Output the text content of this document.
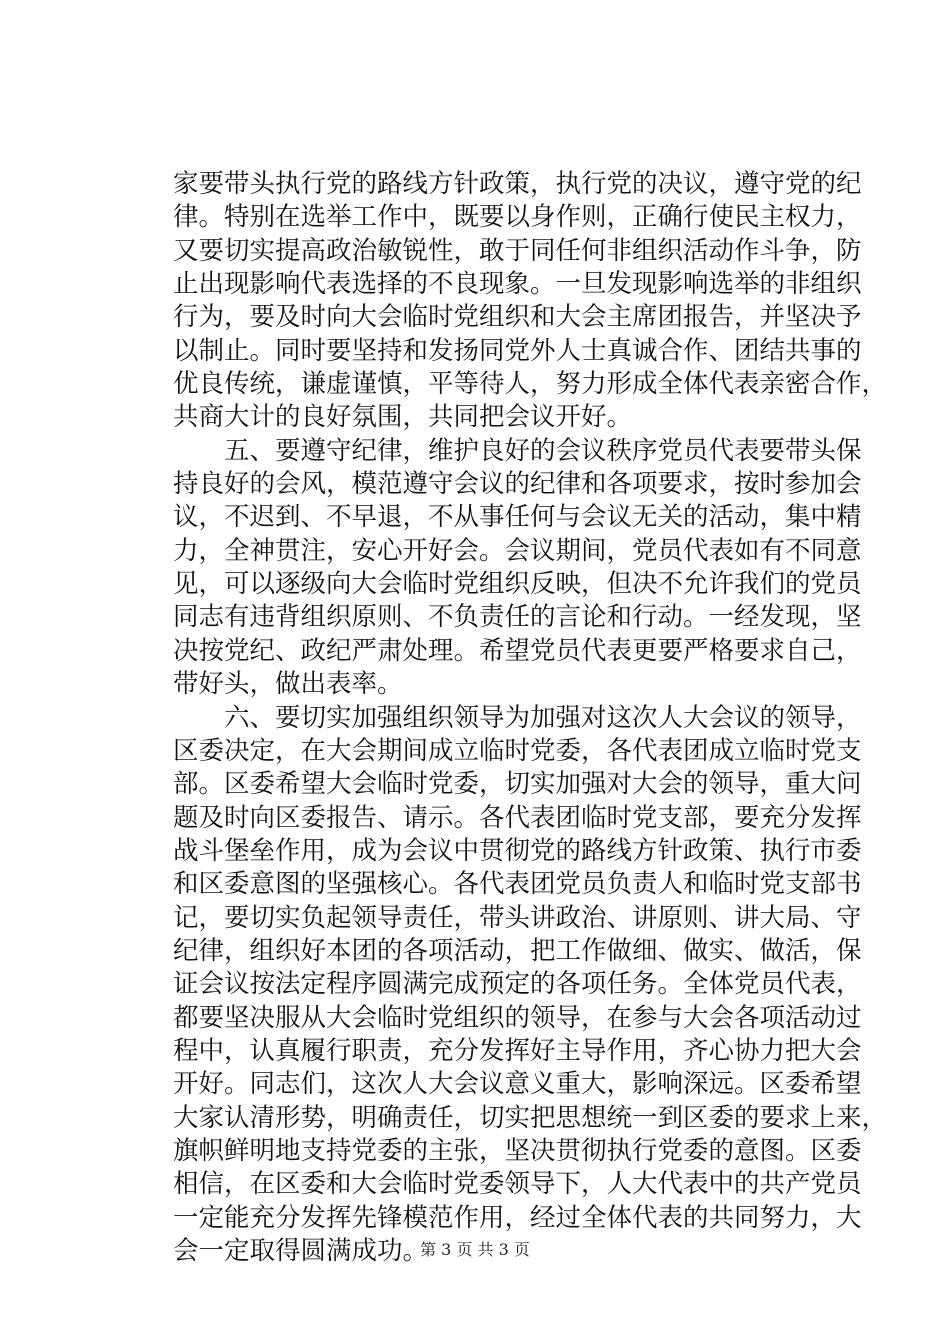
家要带头执行党的路线方针政策，执行党的决议，遵守党的纪
律。特别在选举工作中，既要以身作则，正确行使民主权力，
又要切实提高政治敏锐性，敢于同任何非组织活动作斗争，防
止出现影响代表选择的不良现象。一旦发现影响选举的非组织
行为，要及时向大会临时党组织和大会主席团报告，并坚决予
以制止。同时要坚持和发扬同党外人士真诚合作、团结共事的
优良传统，谦虚谨慎，平等待人，努力形成全体代表亲密合作，
共商大计的良好氛围，共同把会议开好。
　　五、要遵守纪律，维护良好的会议秩序党员代表要带头保
持良好的会风，模范遵守会议的纪律和各项要求，按时参加会
议，不迟到、不早退，不从事任何与会议无关的活动，集中精
力，全神贯注，安心开好会。会议期间，党员代表如有不同意
见，可以逐级向大会临时党组织反映，但决不允许我们的党员
同志有违背组织原则、不负责任的言论和行动。一经发现，坚
决按党纪、政纪严肃处理。希望党员代表更要严格要求自己，
带好头，做出表率。
　　六、要切实加强组织领导为加强对这次人大会议的领导，
区委决定，在大会期间成立临时党委，各代表团成立临时党支
部。区委希望大会临时党委，切实加强对大会的领导，重大问
题及时向区委报告、请示。各代表团临时党支部，要充分发挥
战斗堡垒作用，成为会议中贯彻党的路线方针政策、执行市委
和区委意图的坚强核心。各代表团党员负责人和临时党支部书
记，要切实负起领导责任，带头讲政治、讲原则、讲大局、守
纪律，组织好本团的各项活动，把工作做细、做实、做活，保
证会议按法定程序圆满完成预定的各项任务。全体党员代表，
都要坚决服从大会临时党组织的领导，在参与大会各项活动过
程中，认真履行职责，充分发挥好主导作用，齐心协力把大会
开好。同志们，这次人大会议意义重大，影响深远。区委希望
大家认清形势，明确责任，切实把思想统一到区委的要求上来，
旗帜鲜明地支持党委的主张，坚决贯彻执行党委的意图。区委
相信，在区委和大会临时党委领导下，人大代表中的共产党员
一定能充分发挥先锋模范作用，经过全体代表的共同努力，大
会一定取得圆满成功。
第 3 页 共 3 页
